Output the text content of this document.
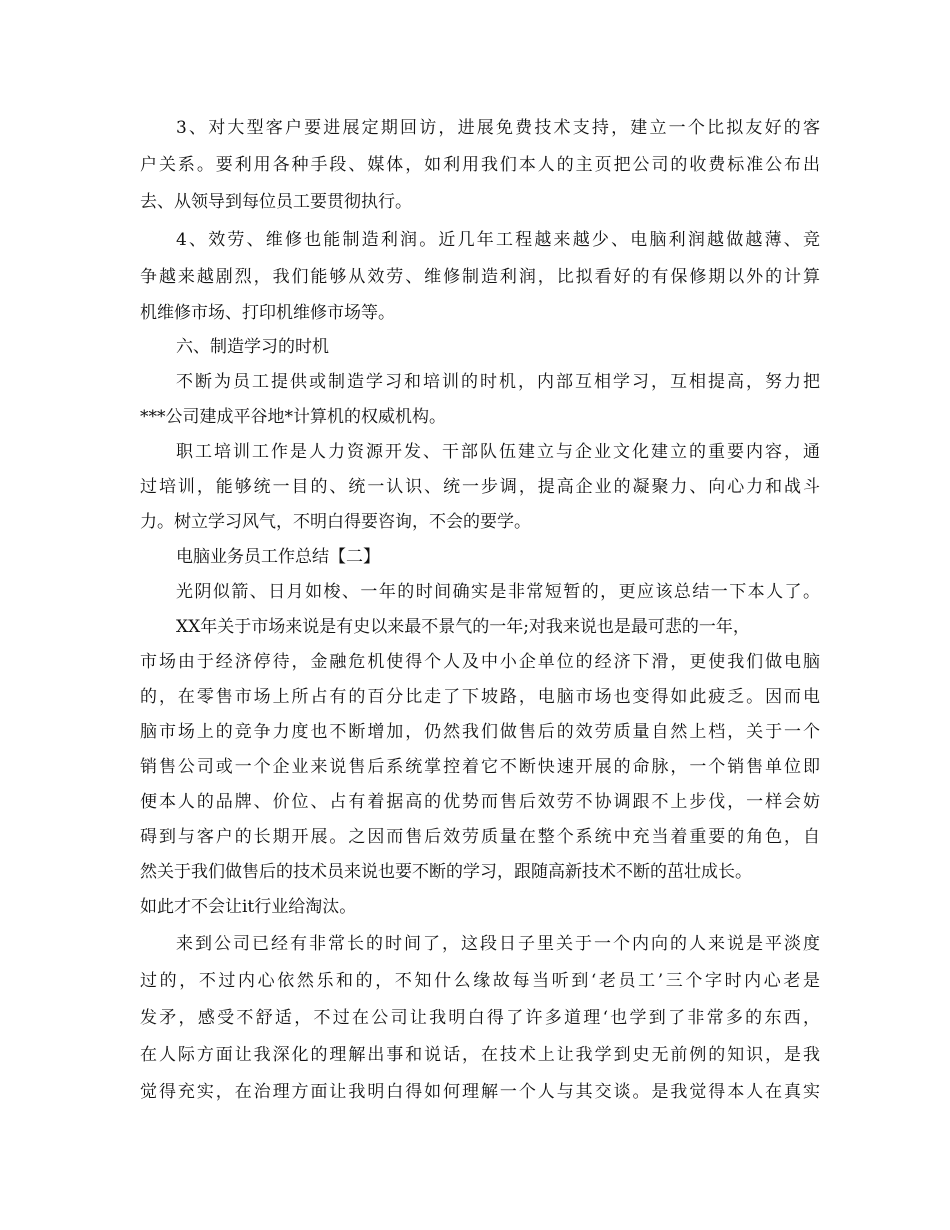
3、对大型客户要进展定期回访，进展免费技术支持，建立一个比拟友好的客
户关系。要利用各种手段、媒体，如利用我们本人的主页把公司的收费标准公布出
去、从领导到每位员工要贯彻执行。
4、效劳、维修也能制造利润。近几年工程越来越少、电脑利润越做越薄、竞
争越来越剧烈，我们能够从效劳、维修制造利润，比拟看好的有保修期以外的计算
机维修市场、打印机维修市场等。
六、制造学习的时机
不断为员工提供或制造学习和培训的时机，内部互相学习，互相提高，努力把
***公司建成平谷地*计算机的权威机构。
职工培训工作是人力资源开发、干部队伍建立与企业文化建立的重要内容，通
过培训，能够统一目的、统一认识、统一步调，提高企业的凝聚力、向心力和战斗
力。树立学习风气，不明白得要咨询，不会的要学。
电脑业务员工作总结【二】
光阴似箭、日月如梭、一年的时间确实是非常短暂的，更应该总结一下本人了。
XX年关于市场来说是有史以来最不景气的一年;对我来说也是最可悲的一年，
市场由于经济停待，金融危机使得个人及中小企单位的经济下滑，更使我们做电脑
的，在零售市场上所占有的百分比走了下坡路，电脑市场也变得如此疲乏。因而电
脑市场上的竞争力度也不断增加，仍然我们做售后的效劳质量自然上档，关于一个
销售公司或一个企业来说售后系统掌控着它不断快速开展的命脉，一个销售单位即
便本人的品牌、价位、占有着据高的优势而售后效劳不协调跟不上步伐，一样会妨
碍到与客户的长期开展。之因而售后效劳质量在整个系统中充当着重要的角色，自
然关于我们做售后的技术员来说也要不断的学习，跟随高新技术不断的茁壮成长。
如此才不会让it行业给淘汰。
来到公司已经有非常长的时间了，这段日子里关于一个内向的人来说是平淡度
过的，不过内心依然乐和的，不知什么缘故每当听到‘老员工’三个字时内心老是
发矛，感受不舒适，不过在公司让我明白得了许多道理‘也学到了非常多的东西，
在人际方面让我深化的理解出事和说话，在技术上让我学到史无前例的知识，是我
觉得充实，在治理方面让我明白得如何理解一个人与其交谈。是我觉得本人在真实
